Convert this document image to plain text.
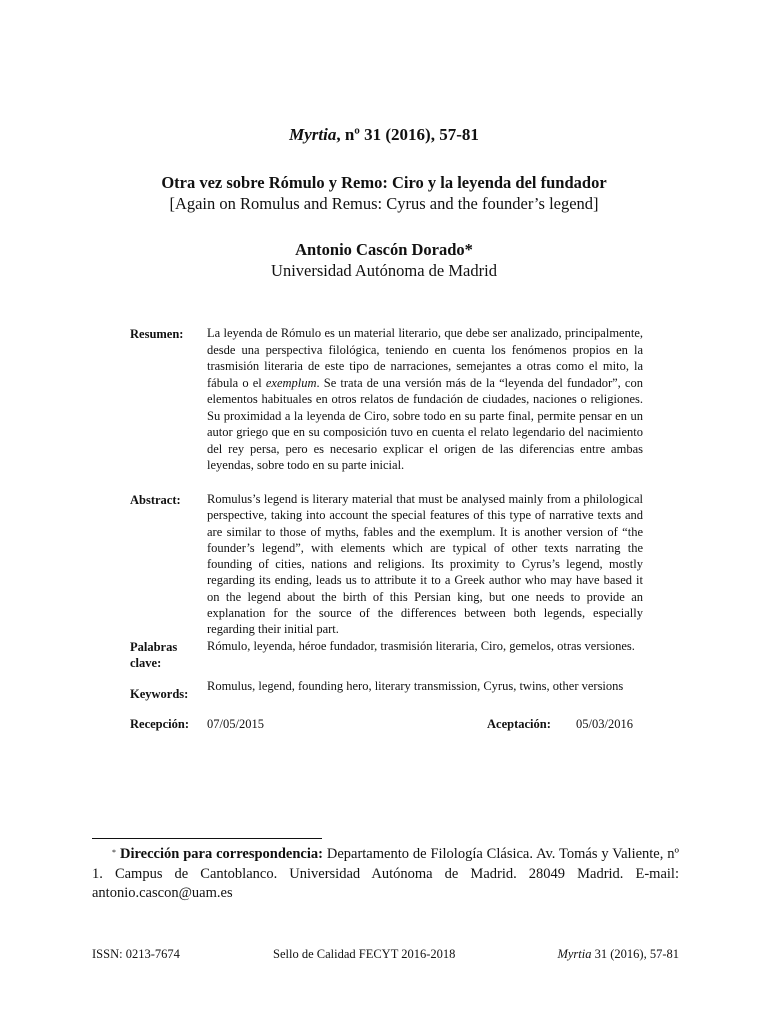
Myrtia, nº 31 (2016), 57-81
Otra vez sobre Rómulo y Remo: Ciro y la leyenda del fundador
[Again on Romulus and Remus: Cyrus and the founder’s legend]
Antonio Cascón Dorado*
Universidad Autónoma de Madrid
Resumen: La leyenda de Rómulo es un material literario, que debe ser analizado, principalmente, desde una perspectiva filológica, teniendo en cuenta los fenómenos propios en la trasmisión literaria de este tipo de narraciones, semejantes a otras como el mito, la fábula o el exemplum. Se trata de una versión más de la “leyenda del fundador”, con elementos habituales en otros relatos de fundación de ciudades, naciones o religiones. Su proximidad a la leyenda de Ciro, sobre todo en su parte final, permite pensar en un autor griego que en su composición tuvo en cuenta el relato legendario del nacimiento del rey persa, pero es necesario explicar el origen de las diferencias entre ambas leyendas, sobre todo en su parte inicial.
Abstract: Romulus’s legend is literary material that must be analysed mainly from a philological perspective, taking into account the special features of this type of narrative texts and are similar to those of myths, fables and the exemplum. It is another version of “the founder’s legend”, with elements which are typical of other texts narrating the founding of cities, nations and religions. Its proximity to Cyrus’s legend, mostly regarding its ending, leads us to attribute it to a Greek author who may have based it on the legend about the birth of this Persian king, but one needs to provide an explanation for the source of the differences between both legends, especially regarding their initial part.
Palabras
clave:
Rómulo, leyenda, héroe fundador, trasmisión literaria, Ciro, gemelos, otras versiones.
Keywords:
Romulus, legend, founding hero, literary transmission, Cyrus, twins, other versions
Recepción: 07/05/2015	Aceptación: 05/03/2016
* Dirección para correspondencia: Departamento de Filología Clásica. Av. Tomás y Valiente, nº 1. Campus de Cantoblanco. Universidad Autónoma de Madrid. 28049 Madrid. E-mail: antonio.cascon@uam.es
ISSN: 0213-7674	Sello de Calidad FECYT 2016-2018	Myrtia 31 (2016), 57-81
